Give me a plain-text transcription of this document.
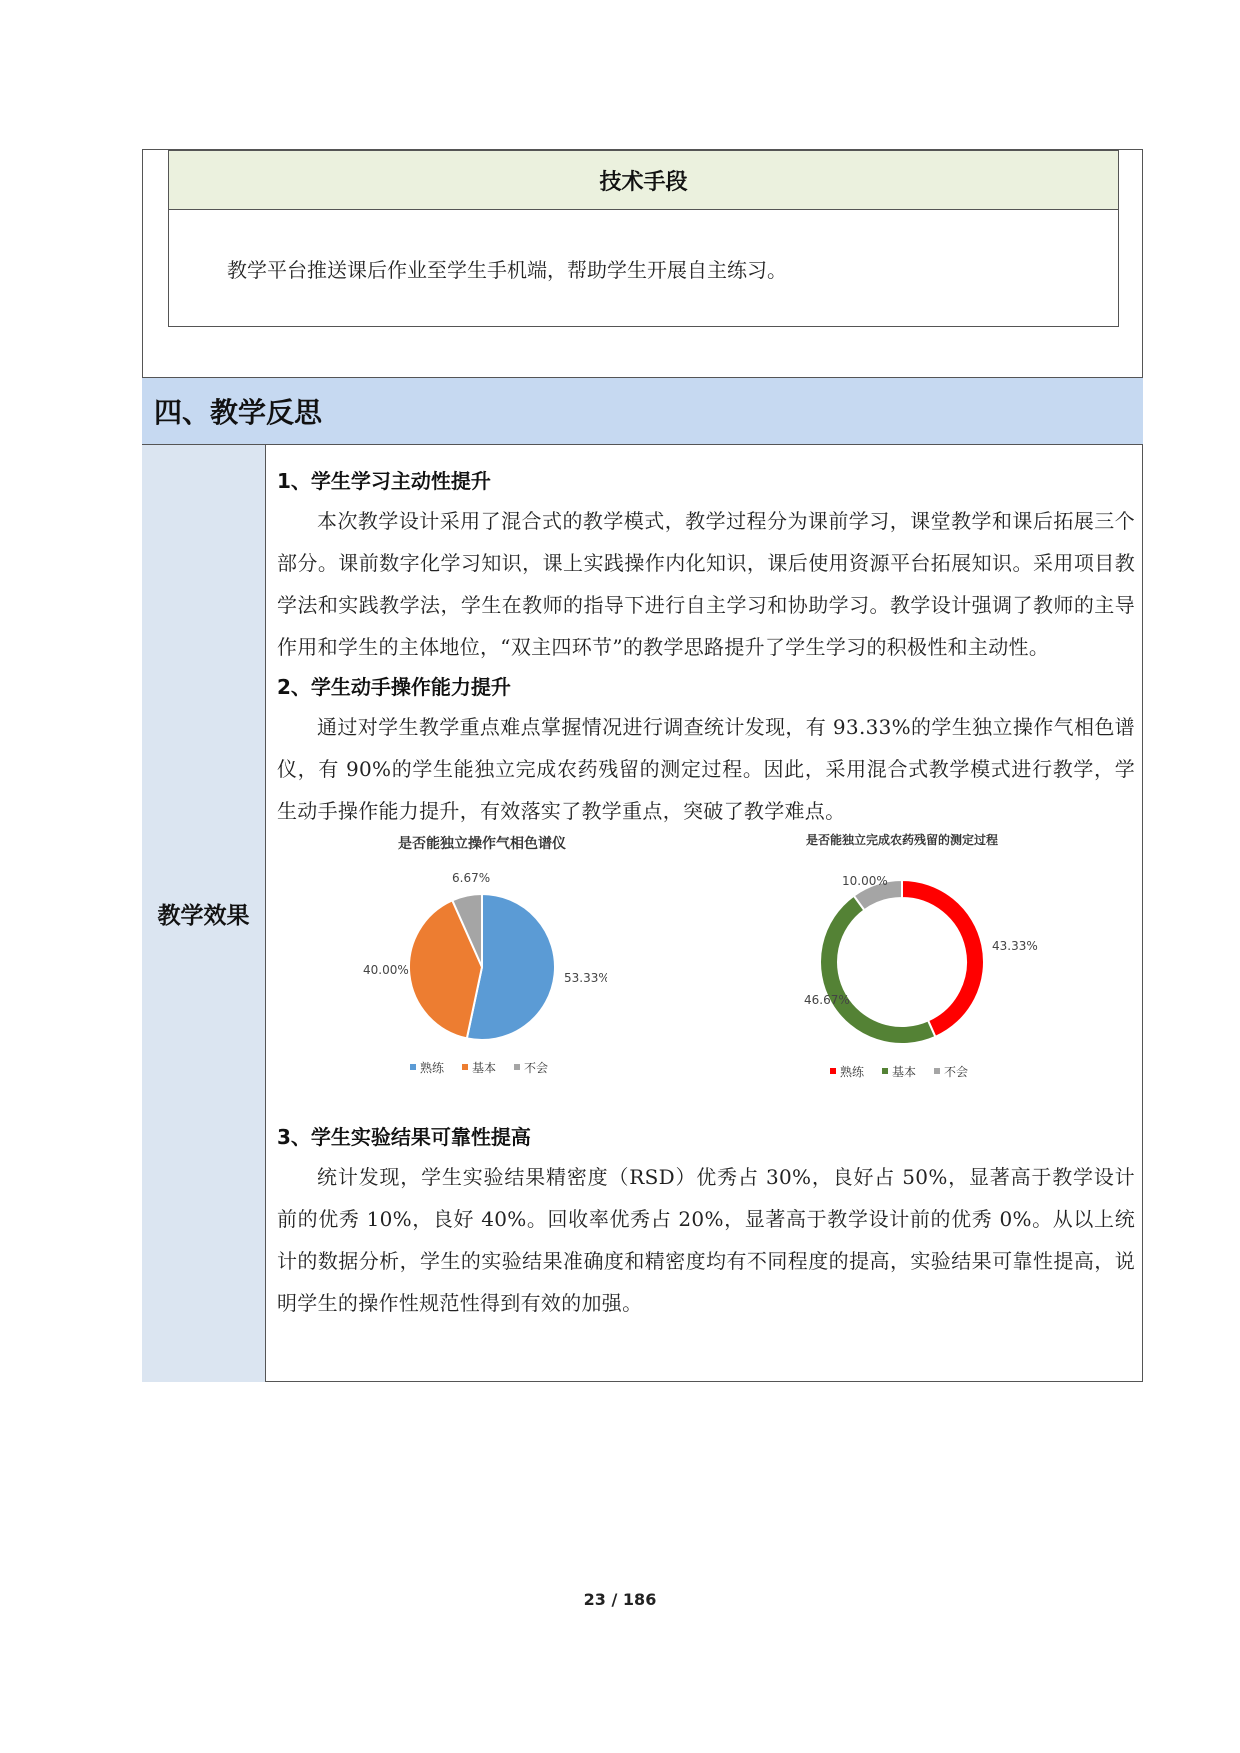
技术手段
教学平台推送课后作业至学生手机端，帮助学生开展自主练习。
四、教学反思
教学效果
1、学生学习主动性提升

本次教学设计采用了混合式的教学模式，教学过程分为课前学习，课堂教学和课后拓展三个部分。课前数字化学习知识，课上实践操作内化知识，课后使用资源平台拓展知识。采用项目教学法和实践教学法，学生在教师的指导下进行自主学习和协助学习。教学设计强调了教师的主导作用和学生的主体地位，“双主四环节”的教学思路提升了学生学习的积极性和主动性。

2、学生动手操作能力提升

通过对学生教学重点难点掌握情况进行调查统计发现，有 93.33%的学生独立操作气相色谱仪，有 90%的学生能独立完成农药残留的测定过程。因此，采用混合式教学模式进行教学，学生动手操作能力提升，有效落实了教学重点，突破了教学难点。

是否能独立操作气相色谱仪
53.33%
40.00%
6.67%
熟练 基本 不会
是否能独立完成农药残留的测定过程
43.33%
46.67%
10.00%
熟练 基本 不会
3、学生实验结果可靠性提高

统计发现，学生实验结果精密度（RSD）优秀占 30%，良好占 50%，显著高于教学设计前的优秀 10%，良好 40%。回收率优秀占 20%，显著高于教学设计前的优秀 0%。从以上统计的数据分析，学生的实验结果准确度和精密度均有不同程度的提高，实验结果可靠性提高，说明学生的操作性规范性得到有效的加强。

23 / 186
